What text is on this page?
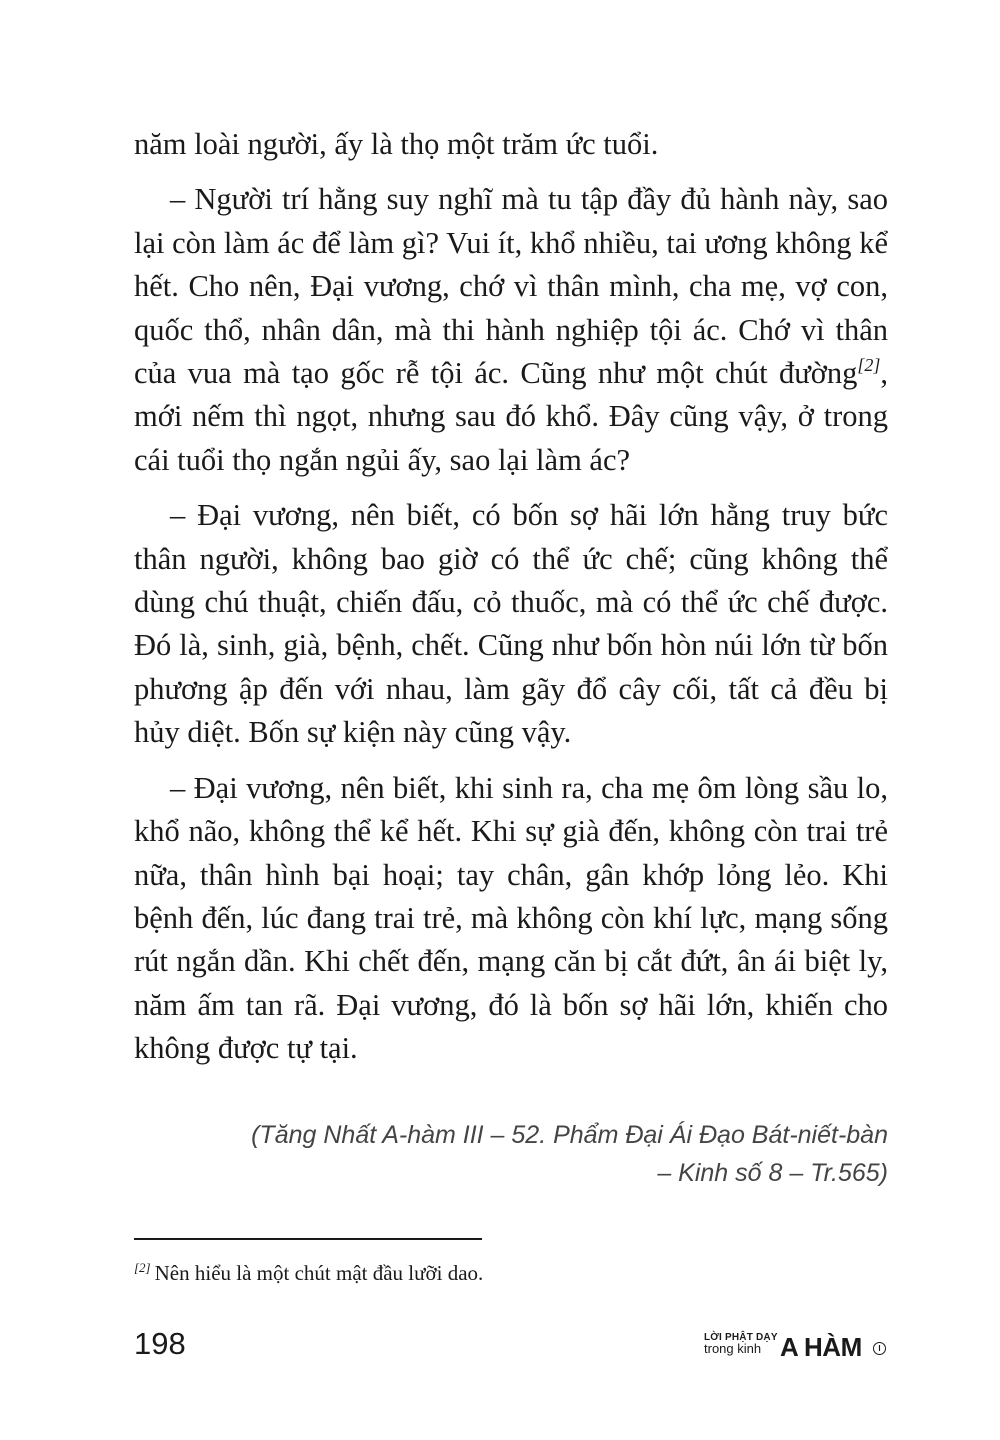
năm loài người, ấy là thọ một trăm ức tuổi.

– Người trí hằng suy nghĩ mà tu tập đầy đủ hành này, sao lại còn làm ác để làm gì? Vui ít, khổ nhiều, tai ương không kể hết. Cho nên, Đại vương, chớ vì thân mình, cha mẹ, vợ con, quốc thổ, nhân dân, mà thi hành nghiệp tội ác. Chớ vì thân của vua mà tạo gốc rễ tội ác. Cũng như một chút đường[2], mới nếm thì ngọt, nhưng sau đó khổ. Đây cũng vậy, ở trong cái tuổi thọ ngắn ngủi ấy, sao lại làm ác?

– Đại vương, nên biết, có bốn sợ hãi lớn hằng truy bức thân người, không bao giờ có thể ức chế; cũng không thể dùng chú thuật, chiến đấu, cỏ thuốc, mà có thể ức chế được. Đó là, sinh, già, bệnh, chết. Cũng như bốn hòn núi lớn từ bốn phương ập đến với nhau, làm gãy đổ cây cối, tất cả đều bị hủy diệt. Bốn sự kiện này cũng vậy.

– Đại vương, nên biết, khi sinh ra, cha mẹ ôm lòng sầu lo, khổ não, không thể kể hết. Khi sự già đến, không còn trai trẻ nữa, thân hình bại hoại; tay chân, gân khớp lỏng lẻo. Khi bệnh đến, lúc đang trai trẻ, mà không còn khí lực, mạng sống rút ngắn dần. Khi chết đến, mạng căn bị cắt đứt, ân ái biệt ly, năm ấm tan rã. Đại vương, đó là bốn sợ hãi lớn, khiến cho không được tự tại.

(Tăng Nhất A-hàm III – 52. Phẩm Đại Ái Đạo Bát-niết-bàn
– Kinh số 8 – Tr.565)
[2] Nên hiểu là một chút mật đầu lưỡi dao.
198	LỜI PHẬT DẠY
trong kinh A HÀM	I
